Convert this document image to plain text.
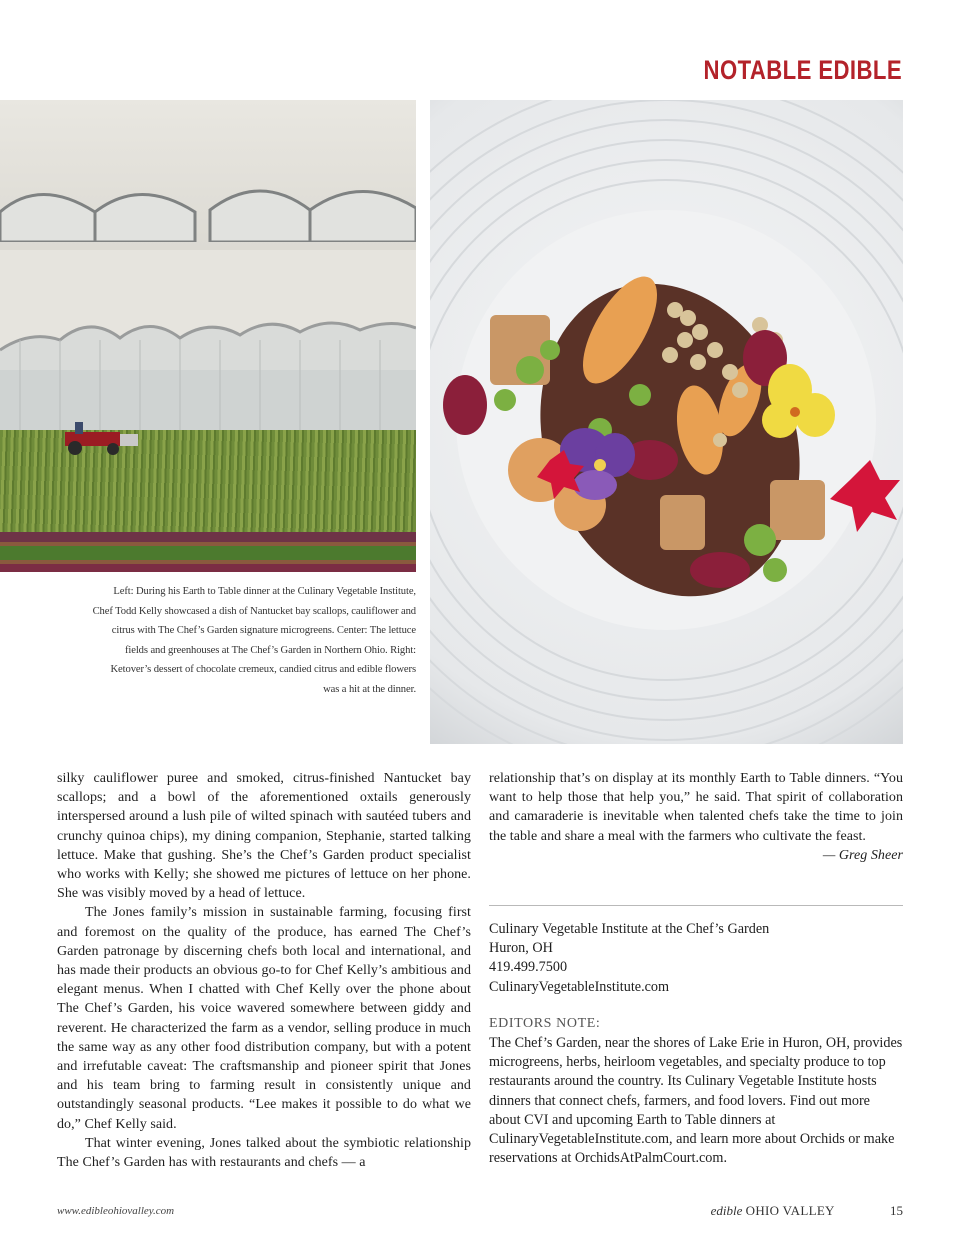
NOTABLE EDIBLE
Left: During his Earth to Table dinner at the Culinary Vegetable Institute, Chef Todd Kelly showcased a dish of Nantucket bay scallops, cauliflower and citrus with The Chef’s Garden signature microgreens. Center: The lettuce fields and greenhouses at The Chef’s Garden in Northern Ohio. Right: Ketover’s dessert of chocolate cremeux, candied citrus and edible flowers was a hit at the dinner.

silky cauliflower puree and smoked, citrus-finished Nantucket bay scallops; and a bowl of the aforementioned oxtails generously interspersed around a lush pile of wilted spinach with sautéed tubers and crunchy quinoa chips), my dining companion, Stephanie, started talking lettuce. Make that gushing. She’s the Chef’s Garden product specialist who works with Kelly; she showed me pictures of lettuce on her phone. She was visibly moved by a head of lettuce.

The Jones family’s mission in sustainable farming, focusing first and foremost on the quality of the produce, has earned The Chef’s Garden patronage by discerning chefs both local and international, and has made their products an obvious go-to for Chef Kelly’s ambitious and elegant menus. When I chatted with Chef Kelly over the phone about The Chef’s Garden, his voice wavered somewhere between giddy and reverent. He characterized the farm as a vendor, selling produce in much the same way as any other food distribution company, but with a potent and irrefutable caveat: The craftsmanship and pioneer spirit that Jones and his team bring to farming result in consistently unique and outstandingly seasonal products. “Lee makes it possible to do what we do,” Chef Kelly said.

That winter evening, Jones talked about the symbiotic relationship The Chef’s Garden has with restaurants and chefs — a

relationship that’s on display at its monthly Earth to Table dinners. “You want to help those that help you,” he said. That spirit of collaboration and camaraderie is inevitable when talented chefs take the time to join the table and share a meal with the farmers who cultivate the feast.

— Greg Sheer

Culinary Vegetable Institute at the Chef’s Garden
Huron, OH
419.499.7500
CulinaryVegetableInstitute.com
EDITORS NOTE:
The Chef’s Garden, near the shores of Lake Erie in Huron, OH, provides microgreens, herbs, heirloom vegetables, and specialty produce to top restaurants around the country. Its Culinary Vegetable Institute hosts dinners that connect chefs, farmers, and food lovers. Find out more about CVI and upcoming Earth to Table dinners at CulinaryVegetableInstitute.com, and learn more about Orchids or make reservations at OrchidsAtPalmCourt.com.
www.edibleohiovalley.com	edible OHIO VALLEY	15
